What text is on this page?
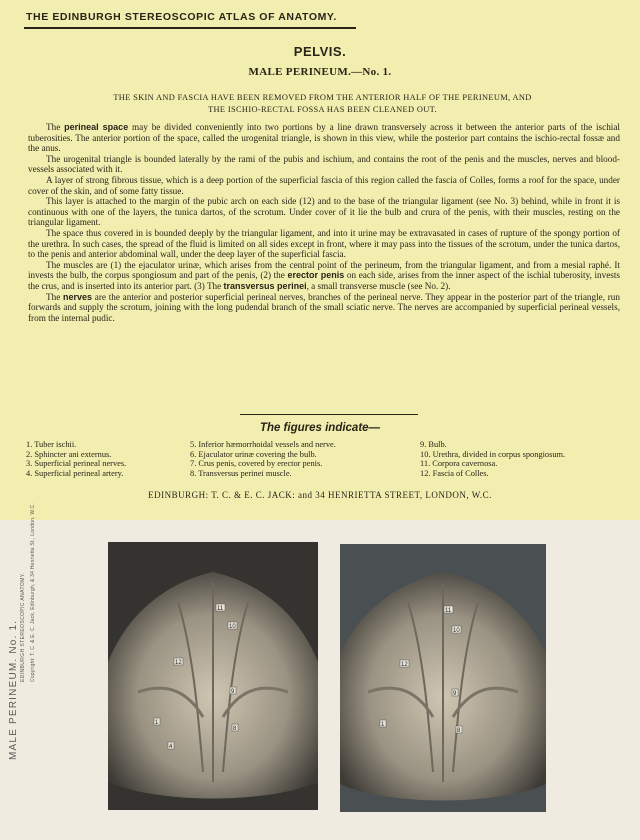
THE EDINBURGH STEREOSCOPIC ATLAS OF ANATOMY.
PELVIS.
MALE PERINEUM.—No. 1.
THE SKIN AND FASCIA HAVE BEEN REMOVED FROM THE ANTERIOR HALF OF THE PERINEUM, AND
THE ISCHIO-RECTAL FOSSA HAS BEEN CLEANED OUT.

The perineal space may be divided conveniently into two portions by a line drawn transversely across it between the anterior parts of the ischial tuberosities. The anterior portion of the space, called the urogenital triangle, is shown in this view, while the posterior part contains the ischio-rectal fossæ and the anus.

The urogenital triangle is bounded laterally by the rami of the pubis and ischium, and contains the root of the penis and the muscles, nerves and blood-vessels associated with it.

A layer of strong fibrous tissue, which is a deep portion of the superficial fascia of this region called the fascia of Colles, forms a roof for the space, under cover of the skin, and of some fatty tissue.

This layer is attached to the margin of the pubic arch on each side (12) and to the base of the triangular ligament (see No. 3) behind, while in front it is continuous with one of the layers, the tunica dartos, of the scrotum. Under cover of it lie the bulb and crura of the penis, with their muscles, resting on the triangular ligament.

The space thus covered in is bounded deeply by the triangular ligament, and into it urine may be extravasated in cases of rupture of the spongy portion of the urethra. In such cases, the spread of the fluid is limited on all sides except in front, where it may pass into the tissues of the scrotum, under the tunica dartos, to the penis and anterior abdominal wall, under the deep layer of the superficial fascia.

The muscles are (1) the ejaculator urinæ, which arises from the central point of the perineum, from the triangular ligament, and from a mesial raphé. It invests the bulb, the corpus spongiosum and part of the penis, (2) the erector penis on each side, arises from the inner aspect of the ischial tuberosity, invests the crus, and is inserted into its anterior part. (3) The transversus perinei, a small transverse muscle (see No. 2).

The nerves are the anterior and posterior superficial perineal nerves, branches of the perineal nerve. They appear in the posterior part of the triangle, run forwards and supply the scrotum, joining with the long pudendal branch of the small sciatic nerve. The nerves are accompanied by superficial perineal vessels, from the internal pudic.

The figures indicate—
1. Tuber ischii.
2. Sphincter ani externus.
3. Superficial perineal nerves.
4. Superficial perineal artery.
5. Inferior hæmorrhoidal vessels and nerve.
6. Ejaculator urinæ covering the bulb.
7. Crus penis, covered by erector penis.
8. Transversus perinei muscle.
9. Bulb.
10. Urethra, divided in corpus spongiosum.
11. Corpora cavernosa.
12. Fascia of Colles.
EDINBURGH: T. C. & E. C. JACK: and 34 HENRIETTA STREET, LONDON, W.C.
MALE PERINEUM. No. 1. EDINBURGH STEREOSCOPIC ANATOMY. Copyright: T. C. & E. C. Jack, Edinburgh, & 34 Henrietta St., London, W.C.	11
10
12
9
1
8
4
11
10
12
9
1
8
